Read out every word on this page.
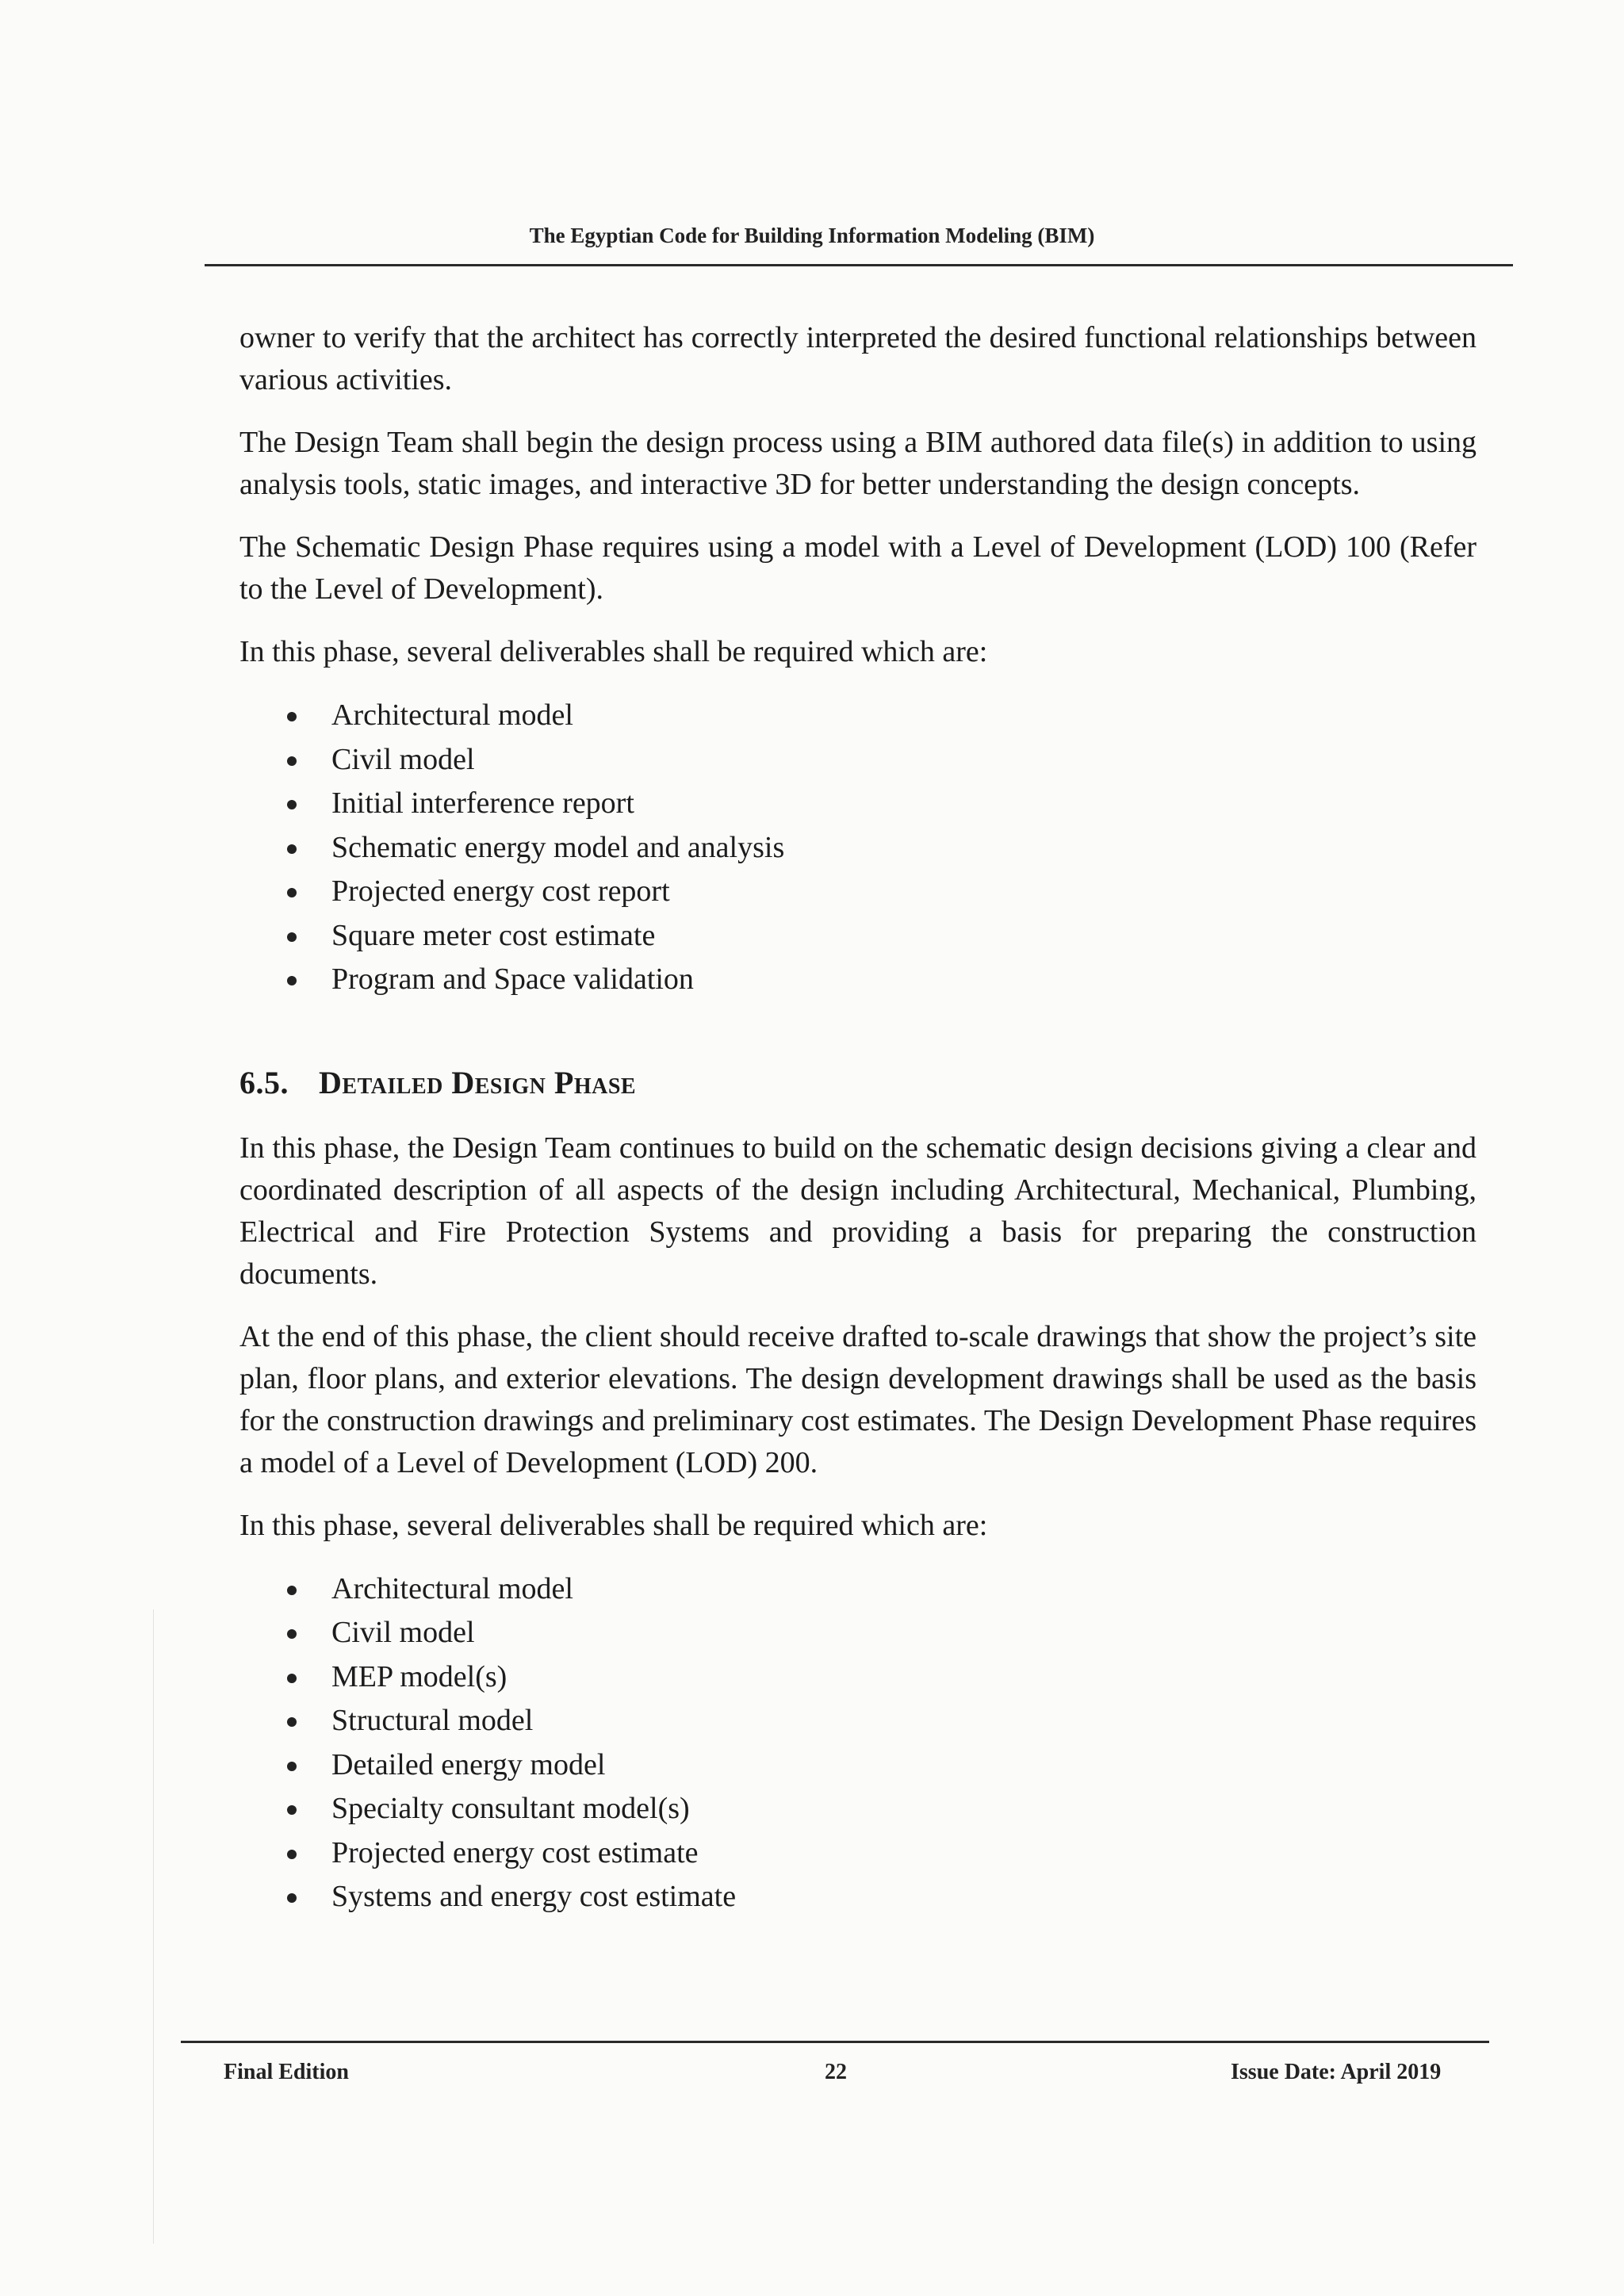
The Egyptian Code for Building Information Modeling (BIM)

owner to verify that the architect has correctly interpreted the desired functional relationships between various activities.

The Design Team shall begin the design process using a BIM authored data file(s) in addition to using analysis tools, static images, and interactive 3D for better understanding the design concepts.

The Schematic Design Phase requires using a model with a Level of Development (LOD) 100 (Refer to the Level of Development).

In this phase, several deliverables shall be required which are:

Architectural model
Civil model
Initial interference report
Schematic energy model and analysis
Projected energy cost report
Square meter cost estimate
Program and Space validation
6.5. Detailed Design Phase

In this phase, the Design Team continues to build on the schematic design decisions giving a clear and coordinated description of all aspects of the design including Architectural, Mechanical, Plumbing, Electrical and Fire Protection Systems and providing a basis for preparing the construction documents.

At the end of this phase, the client should receive drafted to-scale drawings that show the project’s site plan, floor plans, and exterior elevations. The design development drawings shall be used as the basis for the construction drawings and preliminary cost estimates. The Design Development Phase requires a model of a Level of Development (LOD) 200.

In this phase, several deliverables shall be required which are:

Architectural model
Civil model
MEP model(s)
Structural model
Detailed energy model
Specialty consultant model(s)
Projected energy cost estimate
Systems and energy cost estimate
Final Edition	22	Issue Date: April 2019
